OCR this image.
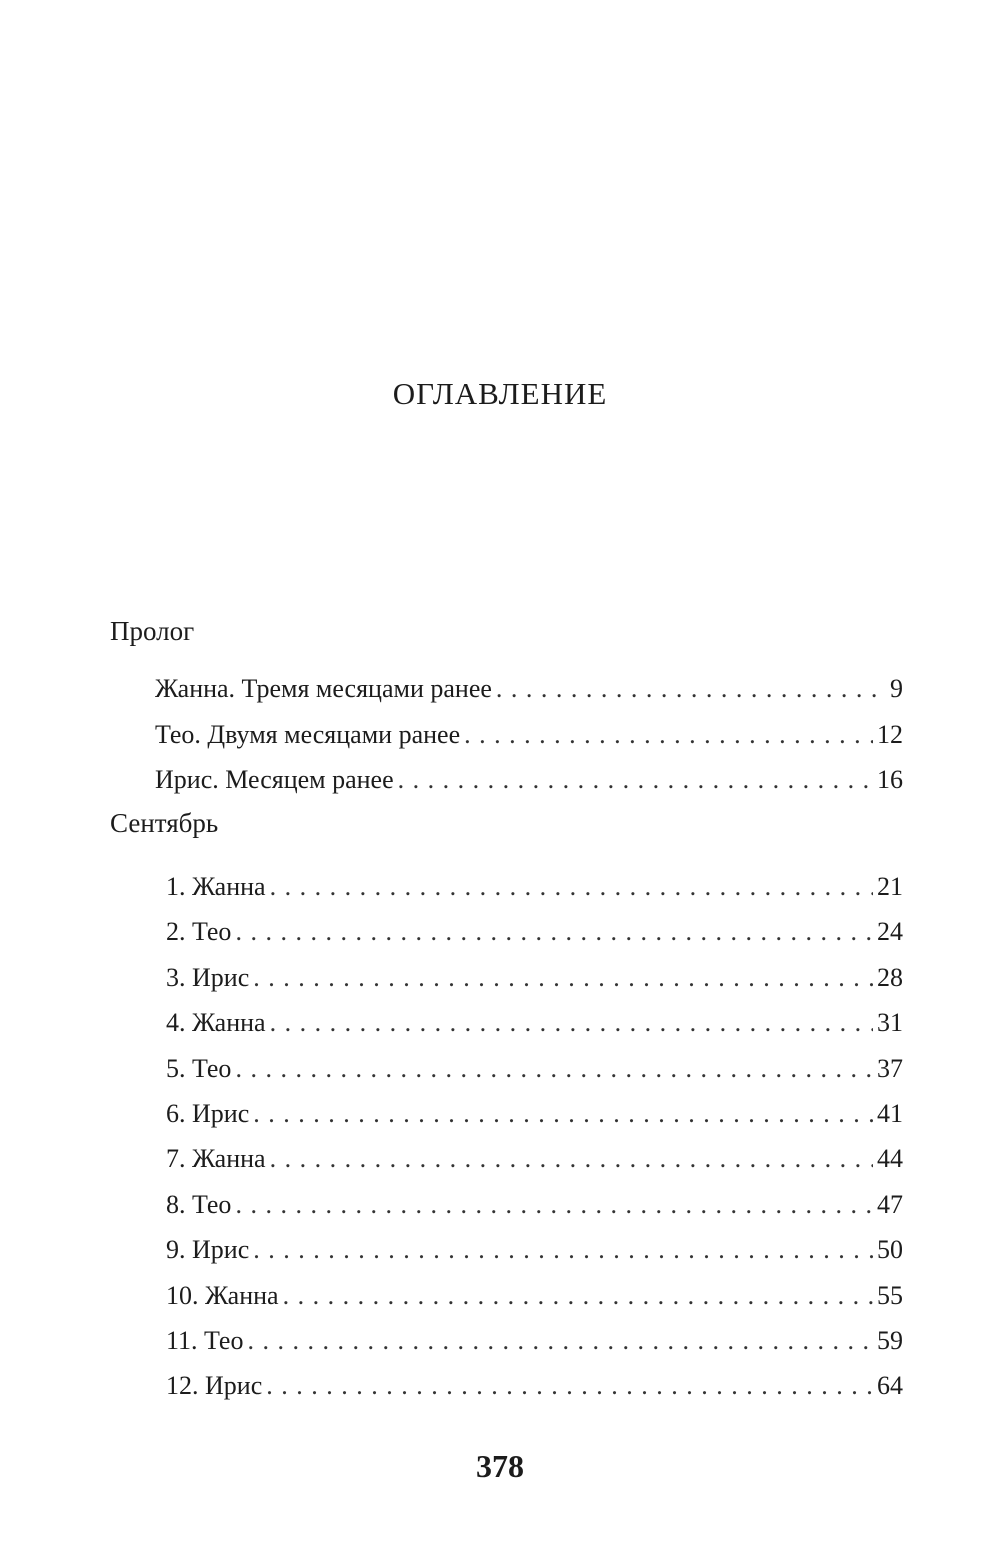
ОГЛАВЛЕНИЕ
Пролог
Жанна. Тремя месяцами ранее . . .	9
Тео. Двумя месяцами ранее . . .	12
Ирис. Месяцем ранее . . .	16
Сентябрь
1. Жанна . . .	21
2. Тео . . .	24
3. Ирис . . .	28
4. Жанна . . .	31
5. Тео . . .	37
6. Ирис . . .	41
7. Жанна . . .	44
8. Тео . . .	47
9. Ирис . . .	50
10. Жанна . . .	55
11. Тео . . .	59
12. Ирис . . .	64
378
